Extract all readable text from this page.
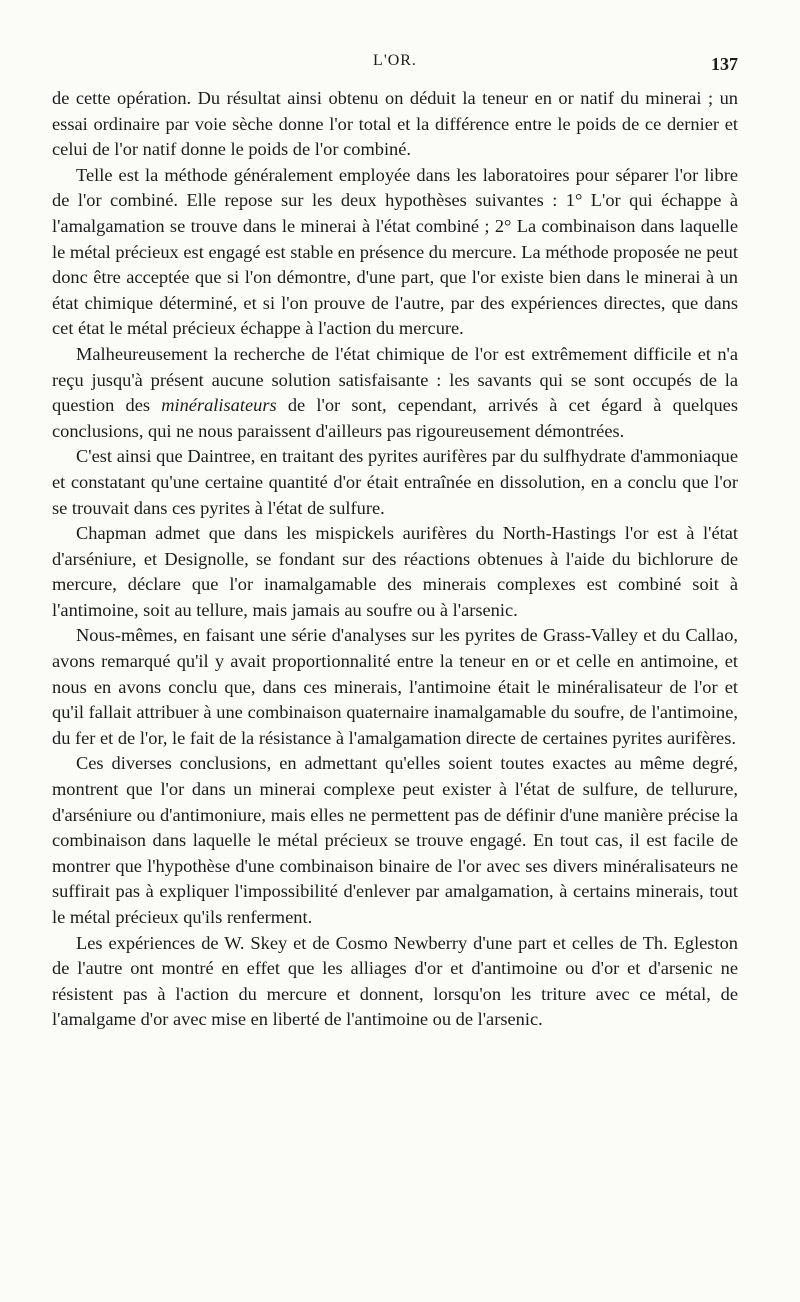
L'OR.	137

de cette opération. Du résultat ainsi obtenu on déduit la teneur en or natif du minerai ; un essai ordinaire par voie sèche donne l'or total et la différence entre le poids de ce dernier et celui de l'or natif donne le poids de l'or combiné.

Telle est la méthode généralement employée dans les laboratoires pour séparer l'or libre de l'or combiné. Elle repose sur les deux hypothèses suivantes : 1° L'or qui échappe à l'amalgamation se trouve dans le minerai à l'état combiné ; 2° La combinaison dans laquelle le métal précieux est engagé est stable en présence du mercure. La méthode proposée ne peut donc être acceptée que si l'on démontre, d'une part, que l'or existe bien dans le minerai à un état chimique déterminé, et si l'on prouve de l'autre, par des expériences directes, que dans cet état le métal précieux échappe à l'action du mercure.

Malheureusement la recherche de l'état chimique de l'or est extrêmement difficile et n'a reçu jusqu'à présent aucune solution satisfaisante : les savants qui se sont occupés de la question des minéralisateurs de l'or sont, cependant, arrivés à cet égard à quelques conclusions, qui ne nous paraissent d'ailleurs pas rigoureusement démontrées.

C'est ainsi que Daintree, en traitant des pyrites aurifères par du sulfhydrate d'ammoniaque et constatant qu'une certaine quantité d'or était entraînée en dissolution, en a conclu que l'or se trouvait dans ces pyrites à l'état de sulfure.

Chapman admet que dans les mispickels aurifères du North-Hastings l'or est à l'état d'arséniure, et Designolle, se fondant sur des réactions obtenues à l'aide du bichlorure de mercure, déclare que l'or inamalgamable des minerais complexes est combiné soit à l'antimoine, soit au tellure, mais jamais au soufre ou à l'arsenic.

Nous-mêmes, en faisant une série d'analyses sur les pyrites de Grass-Valley et du Callao, avons remarqué qu'il y avait proportionnalité entre la teneur en or et celle en antimoine, et nous en avons conclu que, dans ces minerais, l'antimoine était le minéralisateur de l'or et qu'il fallait attribuer à une combinaison quaternaire inamalgamable du soufre, de l'antimoine, du fer et de l'or, le fait de la résistance à l'amalgamation directe de certaines pyrites aurifères.

Ces diverses conclusions, en admettant qu'elles soient toutes exactes au même degré, montrent que l'or dans un minerai complexe peut exister à l'état de sulfure, de tellurure, d'arséniure ou d'antimoniure, mais elles ne permettent pas de définir d'une manière précise la combinaison dans laquelle le métal précieux se trouve engagé. En tout cas, il est facile de montrer que l'hypothèse d'une combinaison binaire de l'or avec ses divers minéralisateurs ne suffirait pas à expliquer l'impossibilité d'enlever par amalgamation, à certains minerais, tout le métal précieux qu'ils renferment.

Les expériences de W. Skey et de Cosmo Newberry d'une part et celles de Th. Egleston de l'autre ont montré en effet que les alliages d'or et d'antimoine ou d'or et d'arsenic ne résistent pas à l'action du mercure et donnent, lorsqu'on les triture avec ce métal, de l'amalgame d'or avec mise en liberté de l'antimoine ou de l'arsenic.
